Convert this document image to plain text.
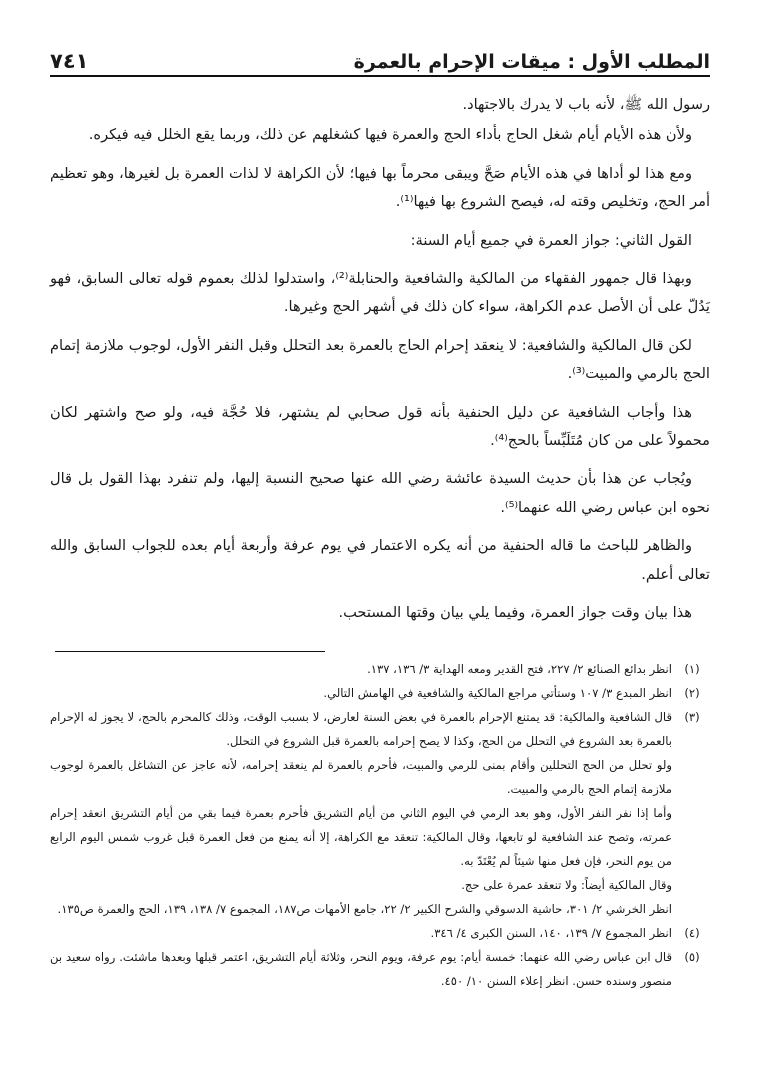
المطلب الأول : ميقات الإحرام بالعمرة
٧٤١

رسول الله ﷺ، لأنه باب لا يدرك بالاجتهاد.

ولأن هذه الأيام أيام شغل الحاج بأداء الحج والعمرة فيها كشغلهم عن ذلك، وربما يقع الخلل فيه فيكره.

ومع هذا لو أداها في هذه الأيام صَحَّ ويبقى محرماً بها فيها؛ لأن الكراهة لا لذات العمرة بل لغيرها، وهو تعظيم أمر الحج، وتخليص وقته له، فيصح الشروع بها فيها⁽¹⁾.

القول الثاني: جواز العمرة في جميع أيام السنة:

وبهذا قال جمهور الفقهاء من المالكية والشافعية والحنابلة⁽²⁾، واستدلوا لذلك بعموم قوله تعالى السابق، فهو يَدُلّ على أن الأصل عدم الكراهة، سواء كان ذلك في أشهر الحج وغيرها.

لكن قال المالكية والشافعية: لا ينعقد إحرام الحاج بالعمرة بعد التحلل وقبل النفر الأول، لوجوب ملازمة إتمام الحج بالرمي والمبيت⁽³⁾.

هذا وأجاب الشافعية عن دليل الحنفية بأنه قول صحابي لم يشتهر، فلا حُجَّة فيه، ولو صح واشتهر لكان محمولاً على من كان مُتَلَبِّساً بالحج⁽⁴⁾.

ويُجاب عن هذا بأن حديث السيدة عائشة رضي الله عنها صحيح النسبة إليها، ولم تنفرد بهذا القول بل قال نحوه ابن عباس رضي الله عنهما⁽⁵⁾.

والظاهر للباحث ما قاله الحنفية من أنه يكره الاعتمار في يوم عرفة وأربعة أيام بعده للجواب السابق والله تعالى أعلم.

هذا بيان وقت جواز العمرة، وفيما يلي بيان وقتها المستحب.

(١)
انظر بدائع الصنائع ٢/ ٢٢٧، فتح القدير ومعه الهداية ٣/ ١٣٦، ١٣٧.
(٢)
انظر المبدع ٣/ ١٠٧ وستأتي مراجع المالكية والشافعية في الهامش التالي.
(٣)
قال الشافعية والمالكية: قد يمتنع الإحرام بالعمرة في بعض السنة لعارض، لا بسبب الوقت، وذلك كالمحرم بالحج، لا يجوز له الإحرام بالعمرة بعد الشروع في التحلل من الحج، وكذا لا يصح إحرامه بالعمرة قبل الشروع في التحلل.
ولو تحلل من الحج التحللين وأقام بمنى للرمي والمبيت، فأحرم بالعمرة لم ينعقد إحرامه، لأنه عاجز عن التشاغل بالعمرة لوجوب ملازمة إتمام الحج بالرمي والمبيت.
وأما إذا نفر النفر الأول، وهو بعد الرمي في اليوم الثاني من أيام التشريق فأحرم بعمرة فيما بقي من أيام التشريق انعقد إحرام عمرته، وتصح عند الشافعية لو تابعها، وقال المالكية: تنعقد مع الكراهة، إلا أنه يمنع من فعل العمرة قبل غروب شمس اليوم الرابع من يوم النحر، فإن فعل منها شيئاً لم يُعْتَدّ به.
وقال المالكية أيضاً: ولا تنعقد عمرة على حج.
انظر الخرشي ٢/ ٣٠١، حاشية الدسوقي والشرح الكبير ٢/ ٢٢، جامع الأمهات ص١٨٧، المجموع ٧/ ١٣٨، ١٣٩، الحج والعمرة ص١٣٥.
(٤)
انظر المجموع ٧/ ١٣٩، ١٤٠، السنن الكبرى ٤/ ٣٤٦.
(٥)
قال ابن عباس رضي الله عنهما: خمسة أيام: يوم عرفة، ويوم النحر، وثلاثة أيام التشريق، اعتمر قبلها وبعدها ماشئت. رواه سعيد بن منصور وسنده حسن. انظر إعلاء السنن ١٠/ ٤٥٠.
